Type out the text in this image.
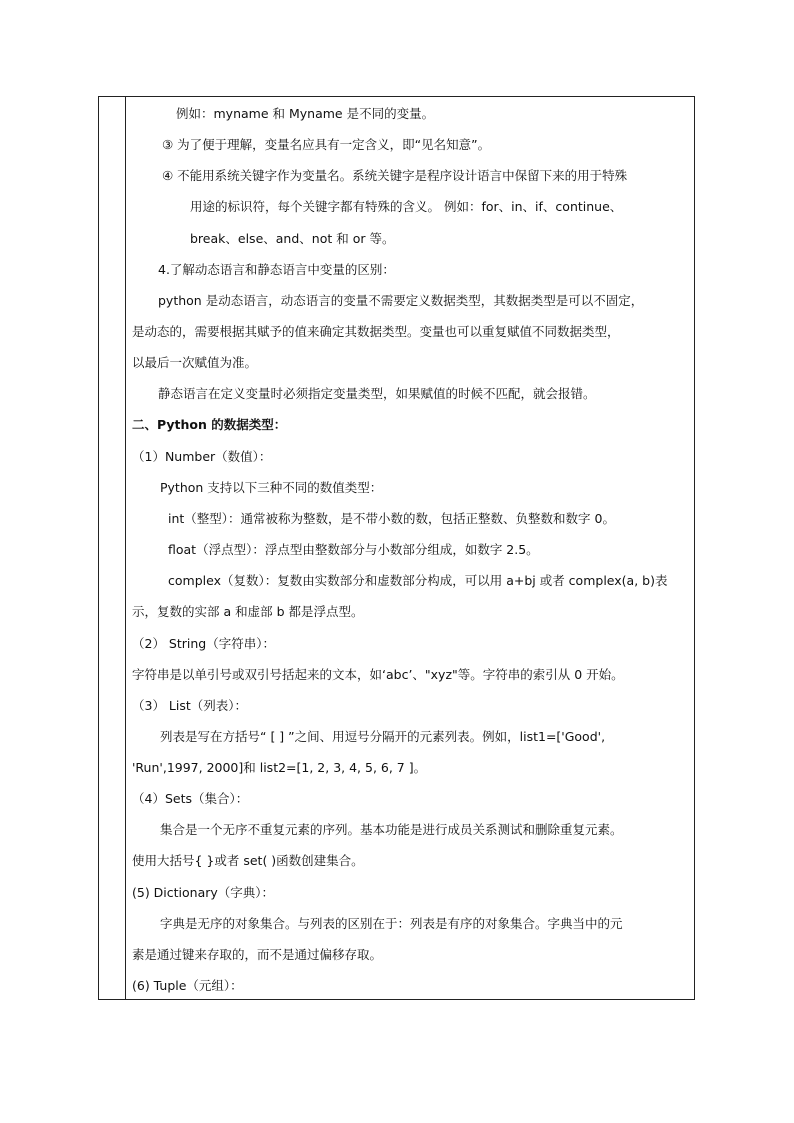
例如：myname 和 Myname 是不同的变量。
③ 为了便于理解，变量名应具有一定含义，即“见名知意”。
④ 不能用系统关键字作为变量名。系统关键字是程序设计语言中保留下来的用于特殊
用途的标识符，每个关键字都有特殊的含义。 例如：for、in、if、continue、
break、else、and、not 和 or 等。
4.了解动态语言和静态语言中变量的区别：
python 是动态语言，动态语言的变量不需要定义数据类型，其数据类型是可以不固定，
是动态的，需要根据其赋予的值来确定其数据类型。变量也可以重复赋值不同数据类型，
以最后一次赋值为准。
静态语言在定义变量时必须指定变量类型，如果赋值的时候不匹配，就会报错。
二、Python 的数据类型：
（1）Number（数值）：
Python 支持以下三种不同的数值类型：
int（整型）：通常被称为整数，是不带小数的数，包括正整数、负整数和数字 0。
float（浮点型）：浮点型由整数部分与小数部分组成，如数字 2.5。
complex（复数）：复数由实数部分和虚数部分构成，可以用 a+bj 或者 complex(a, b)表
示，复数的实部 a 和虚部 b 都是浮点型。
（2） String（字符串）：
字符串是以单引号或双引号括起来的文本，如‘abc’、"xyz"等。字符串的索引从 0 开始。
（3） List（列表）：
列表是写在方括号“ [ ] ”之间、用逗号分隔开的元素列表。例如，list1=['Good',
'Run',1997, 2000]和 list2=[1, 2, 3, 4, 5, 6, 7 ]。
（4）Sets（集合）：
集合是一个无序不重复元素的序列。基本功能是进行成员关系测试和删除重复元素。
使用大括号{ }或者 set( )函数创建集合。
(5) Dictionary（字典）：
字典是无序的对象集合。与列表的区别在于：列表是有序的对象集合。字典当中的元
素是通过键来存取的，而不是通过偏移存取。
(6) Tuple（元组）：
